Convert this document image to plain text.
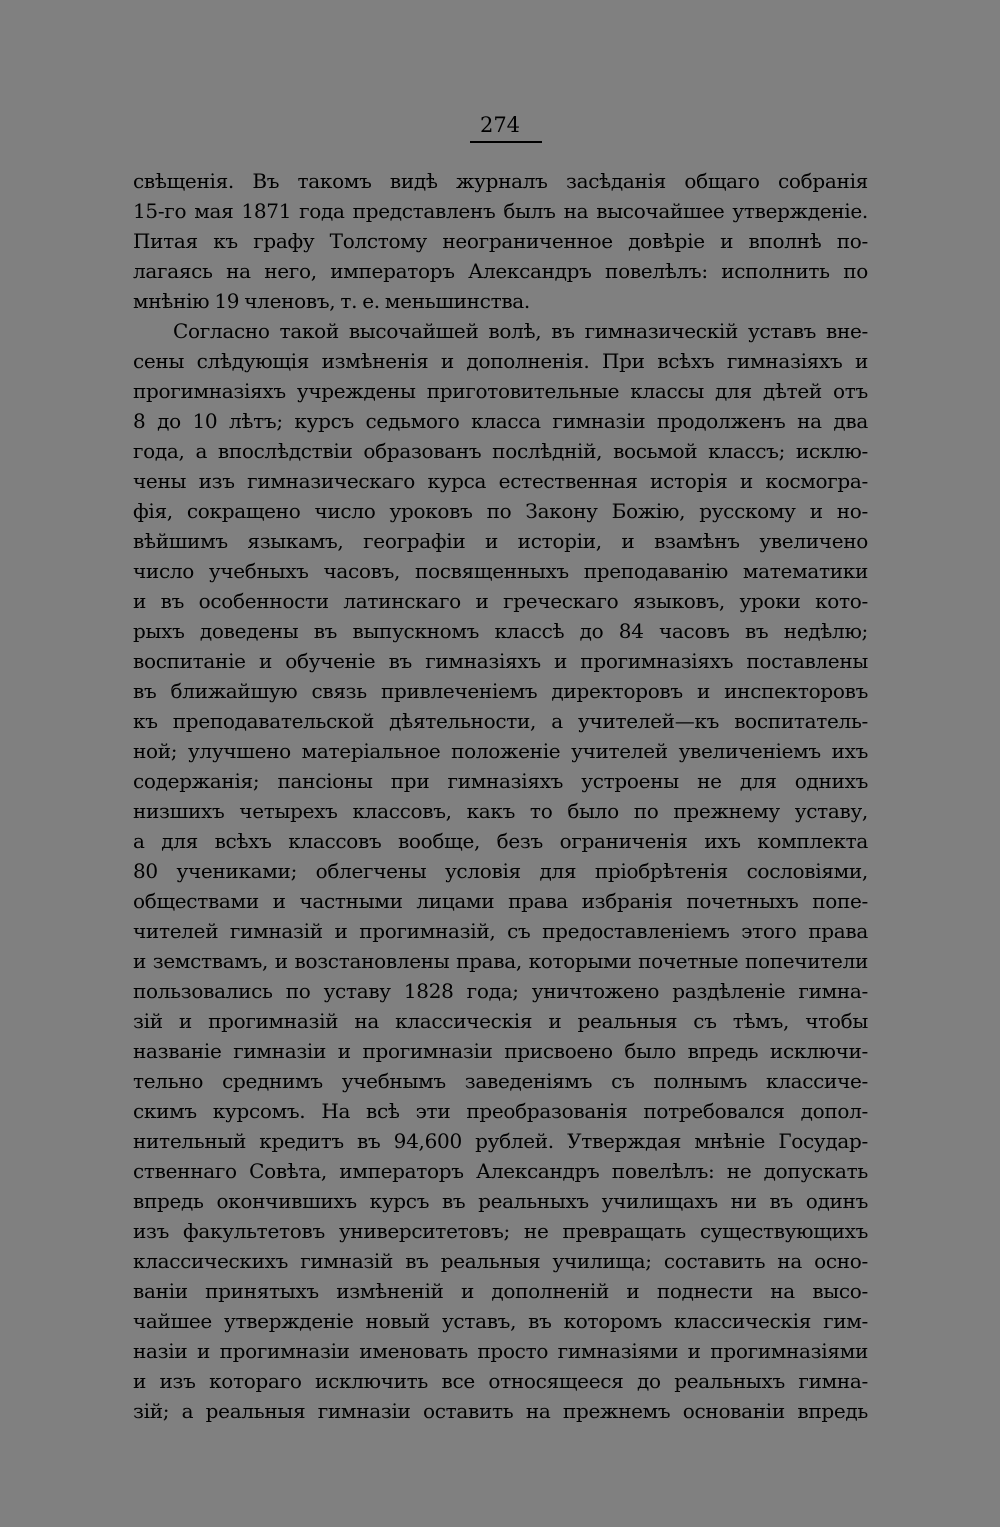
274
свѣщенія. Въ такомъ видѣ журналъ засѣданія общаго собранія
15-го мая 1871 года представленъ былъ на высочайшее утвержденіе.
Питая къ графу Толстому неограниченное довѣріе и вполнѣ по-
лагаясь на него, императоръ Александръ повелѣлъ: исполнить по
мнѣнію 19 членовъ, т. е. меньшинства.
Согласно такой высочайшей волѣ, въ гимназическій уставъ вне-
сены слѣдующія измѣненія и дополненія. При всѣхъ гимназіяхъ и
прогимназіяхъ учреждены приготовительные классы для дѣтей отъ
8 до 10 лѣтъ; курсъ седьмого класса гимназіи продолженъ на два
года, а впослѣдствіи образованъ послѣдній, восьмой классъ; исклю-
чены изъ гимназическаго курса естественная исторія и космогра-
фія, сокращено число уроковъ по Закону Божію, русскому и но-
вѣйшимъ языкамъ, географіи и исторіи, и взамѣнъ увеличено
число учебныхъ часовъ, посвященныхъ преподаванію математики
и въ особенности латинскаго и греческаго языковъ, уроки кото-
рыхъ доведены въ выпускномъ классѣ до 84 часовъ въ недѣлю;
воспитаніе и обученіе въ гимназіяхъ и прогимназіяхъ поставлены
въ ближайшую связь привлеченіемъ директоровъ и инспекторовъ
къ преподавательской дѣятельности, а учителей—къ воспитатель-
ной; улучшено матеріальное положеніе учителей увеличеніемъ ихъ
содержанія; пансіоны при гимназіяхъ устроены не для однихъ
низшихъ четырехъ классовъ, какъ то было по прежнему уставу,
а для всѣхъ классовъ вообще, безъ ограниченія ихъ комплекта
80 учениками; облегчены условія для пріобрѣтенія сословіями,
обществами и частными лицами права избранія почетныхъ попе-
чителей гимназій и прогимназій, съ предоставленіемъ этого права
и земствамъ, и возстановлены права, которыми почетные попечители
пользовались по уставу 1828 года; уничтожено раздѣленіе гимна-
зій и прогимназій на классическія и реальныя съ тѣмъ, чтобы
названіе гимназіи и прогимназіи присвоено было впредь исключи-
тельно среднимъ учебнымъ заведеніямъ съ полнымъ классиче-
скимъ курсомъ. На всѣ эти преобразованія потребовался допол-
нительный кредитъ въ 94,600 рублей. Утверждая мнѣніе Государ-
ственнаго Совѣта, императоръ Александръ повелѣлъ: не допускать
впредь окончившихъ курсъ въ реальныхъ училищахъ ни въ одинъ
изъ факультетовъ университетовъ; не превращать существующихъ
классическихъ гимназій въ реальныя училища; составить на осно-
ваніи принятыхъ измѣненій и дополненій и поднести на высо-
чайшее утвержденіе новый уставъ, въ которомъ классическія гим-
назіи и прогимназіи именовать просто гимназіями и прогимназіями
и изъ котораго исключить все относящееся до реальныхъ гимна-
зій; а реальныя гимназіи оставить на прежнемъ основаніи впредь
